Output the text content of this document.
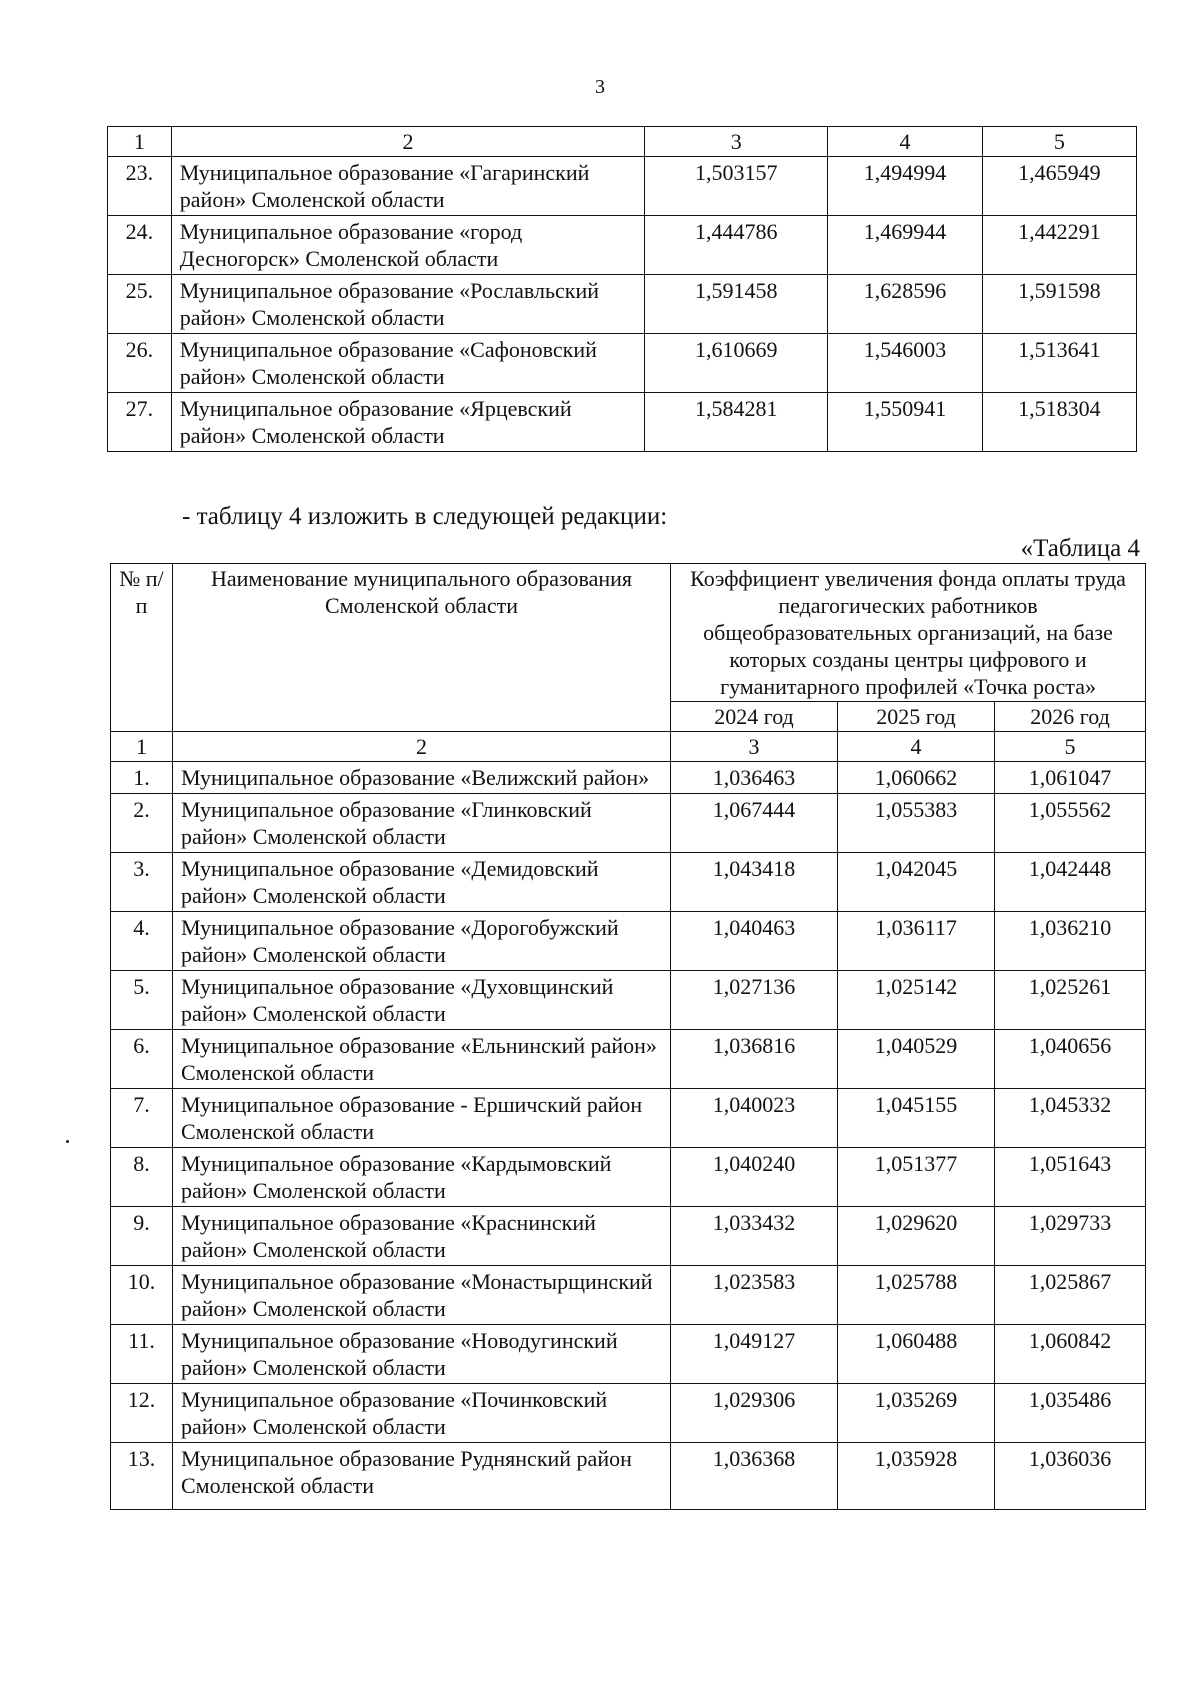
3
1	2	3	4	5
23.	Муниципальное образование «Гагаринский район» Смоленской области	1,503157	1,494994	1,465949
24.	Муниципальное образование «город Десногорск» Смоленской области	1,444786	1,469944	1,442291
25.	Муниципальное образование «Рославльский район» Смоленской области	1,591458	1,628596	1,591598
26.	Муниципальное образование «Сафоновский район» Смоленской области	1,610669	1,546003	1,513641
27.	Муниципальное образование «Ярцевский район» Смоленской области	1,584281	1,550941	1,518304
- таблицу 4 изложить в следующей редакции:
«Таблица 4
№ п/п	Наименование муниципального образования Смоленской области	Коэффициент увеличения фонда оплаты труда педагогических работников общеобразовательных организаций, на базе которых созданы центры цифрового и гуманитарного профилей «Точка роста»		
		2024 год	2025 год	2026 год
1	2	3	4	5
1.	Муниципальное образование «Велижский район»	1,036463	1,060662	1,061047
2.	Муниципальное образование «Глинковский район» Смоленской области	1,067444	1,055383	1,055562
3.	Муниципальное образование «Демидовский район» Смоленской области	1,043418	1,042045	1,042448
4.	Муниципальное образование «Дорогобужский район» Смоленской области	1,040463	1,036117	1,036210
5.	Муниципальное образование «Духовщинский район» Смоленской области	1,027136	1,025142	1,025261
6.	Муниципальное образование «Ельнинский район» Смоленской области	1,036816	1,040529	1,040656
7.	Муниципальное образование - Ершичский район Смоленской области	1,040023	1,045155	1,045332
8.	Муниципальное образование «Кардымовский район» Смоленской области	1,040240	1,051377	1,051643
9.	Муниципальное образование «Краснинский район» Смоленской области	1,033432	1,029620	1,029733
10.	Муниципальное образование «Монастырщинский район» Смоленской области	1,023583	1,025788	1,025867
11.	Муниципальное образование «Новодугинский район» Смоленской области	1,049127	1,060488	1,060842
12.	Муниципальное образование «Починковский район» Смоленской области	1,029306	1,035269	1,035486
13.	Муниципальное образование Руднянский район Смоленской области	1,036368	1,035928	1,036036
